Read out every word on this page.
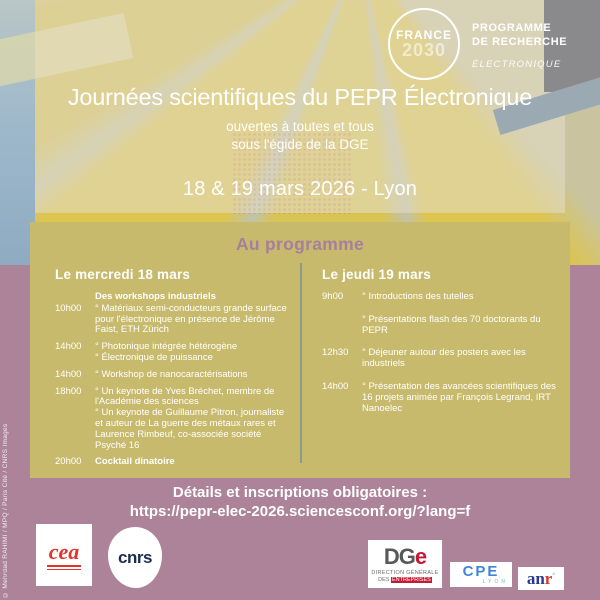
FRANCE
2030
PROGRAMME
DE RECHERCHE
ÉLECTRONIQUE
Journées scientifiques du PEPR Électronique
ouvertes à toutes et tous
sous l'égide de la DGE
18 & 19 mars 2026 - Lyon
Au programme
Le mercredi 18 mars
Des workshops industriels
10h00	° Matériaux semi-conducteurs grande surface pour l'électronique en présence de Jérôme Faist, ETH Zürich
14h00	° Photonique intégrée hétérogène
° Électronique de puissance
14h00	° Workshop de nanocaractérisations
18h00	° Un keynote de Yves Bréchet, membre de l'Académie des sciences
° Un keynote de Guillaume Pitron, journaliste et auteur de La guerre des métaux rares et Laurence Rimbeuf, co-associée société Psyché 16
20h00	Cocktail dinatoire
Le jeudi 19 mars
9h00	° Introductions des tutelles
° Présentations flash des 70 doctorants du PEPR
12h30	° Déjeuner autour des posters avec les industriels
14h00	° Présentation des avancées scientifiques des 16 projets animée par François Legrand, IRT Nanoelec
Détails et inscriptions obligatoires :
https://pepr-elec-2026.sciencesconf.org/?lang=f
© Mehrdad RAHIMI / MPQ / Paris Cité / CNRS Images cea cnrs	DGe
DIRECTION GÉNÉRALE
DES ENTREPRISES CPE
LYON anr°
